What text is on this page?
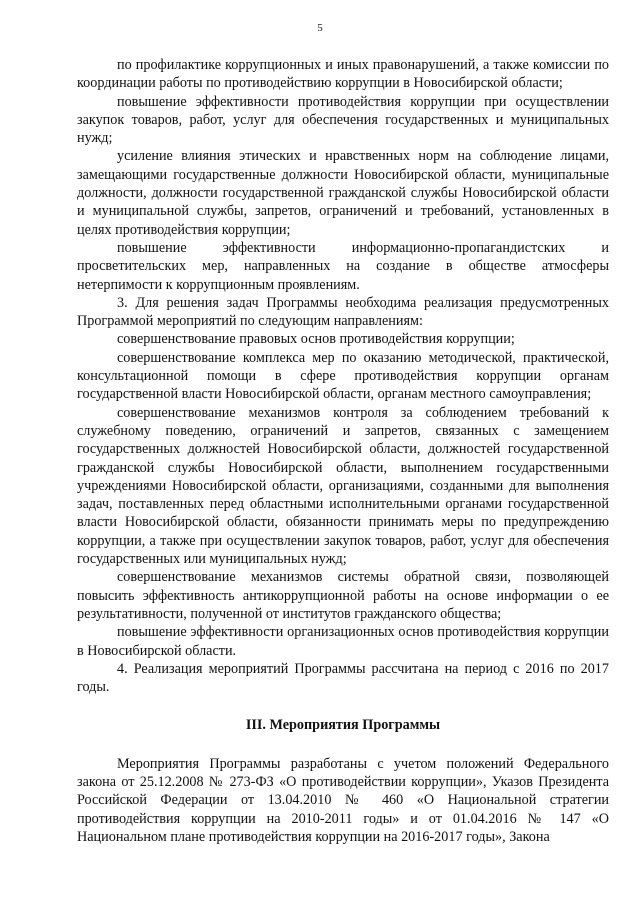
5

по профилактике коррупционных и иных правонарушений, а также комиссии по координации работы по противодействию коррупции в Новосибирской области;

повышение эффективности противодействия коррупции при осуществлении закупок товаров, работ, услуг для обеспечения государственных и муниципальных нужд;

усиление влияния этических и нравственных норм на соблюдение лицами, замещающими государственные должности Новосибирской области, муниципальные должности, должности государственной гражданской службы Новосибирской области и муниципальной службы, запретов, ограничений и требований, установленных в целях противодействия коррупции;

повышение эффективности информационно-пропагандистских и просветительских мер, направленных на создание в обществе атмосферы нетерпимости к коррупционным проявлениям.

3. Для решения задач Программы необходима реализация предусмотренных Программой мероприятий по следующим направлениям:

совершенствование правовых основ противодействия коррупции;

совершенствование комплекса мер по оказанию методической, практической, консультационной помощи в сфере противодействия коррупции органам государственной власти Новосибирской области, органам местного самоуправления;

совершенствование механизмов контроля за соблюдением требований к служебному поведению, ограничений и запретов, связанных с замещением государственных должностей Новосибирской области, должностей государственной гражданской службы Новосибирской области, выполнением государственными учреждениями Новосибирской области, организациями, созданными для выполнения задач, поставленных перед областными исполнительными органами государственной власти Новосибирской области, обязанности принимать меры по предупреждению коррупции, а также при осуществлении закупок товаров, работ, услуг для обеспечения государственных или муниципальных нужд;

совершенствование механизмов системы обратной связи, позволяющей повысить эффективность антикоррупционной работы на основе информации о ее результативности, полученной от институтов гражданского общества;

повышение эффективности организационных основ противодействия коррупции в Новосибирской области.

4. Реализация мероприятий Программы рассчитана на период с 2016 по 2017 годы.

III. Мероприятия Программы

Мероприятия Программы разработаны с учетом положений Федерального закона от 25.12.2008 № 273-ФЗ «О противодействии коррупции», Указов Президента Российской Федерации от 13.04.2010 № 460 «О Национальной стратегии противодействия коррупции на 2010-2011 годы» и от 01.04.2016 № 147 «О Национальном плане противодействия коррупции на 2016-2017 годы», Закона
